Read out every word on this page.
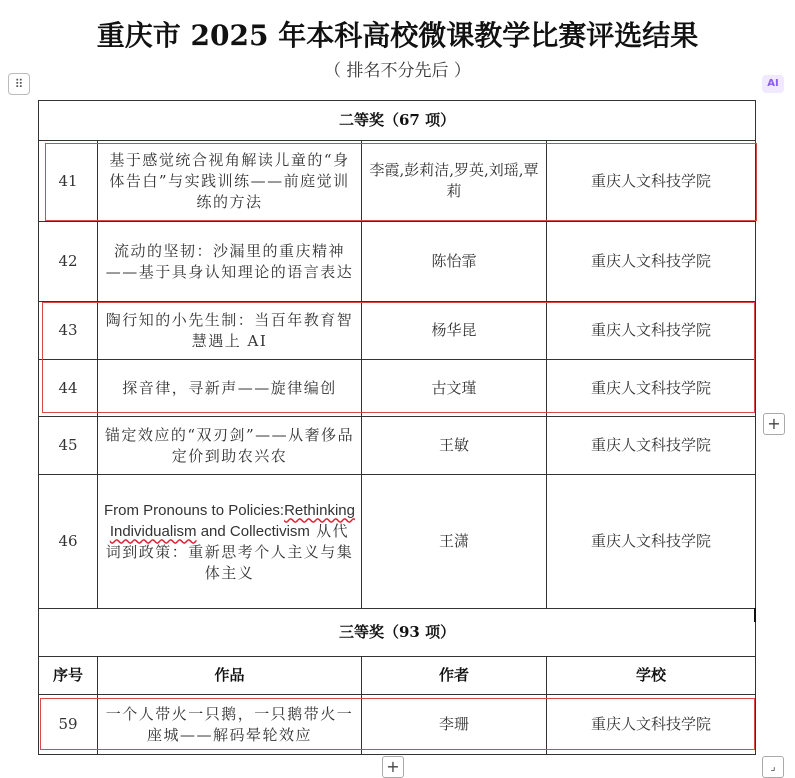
重庆市 2025 年本科高校微课教学比赛评选结果
（ 排名不分先后 ）
⠿	AI
二等奖（67 项）			
41	基于感觉统合视角解读儿童的“身体告白”与实践训练——前庭觉训练的方法	李霞,彭莉洁,罗英,刘瑶,覃莉	重庆人文科技学院
42	流动的坚韧：沙漏里的重庆精神——基于具身认知理论的语言表达	陈怡霏	重庆人文科技学院
43	陶行知的小先生制：当百年教育智慧遇上 AI	杨华昆	重庆人文科技学院
44	探音律，寻新声——旋律编创	古文瑾	重庆人文科技学院
45	锚定效应的“双刃剑”——从奢侈品定价到助农兴农	王敏	重庆人文科技学院
46	From Pronouns to Policies:RethinkingIndividualism and Collectivism 从代词到政策：重新思考个人主义与集体主义	王潇	重庆人文科技学院
三等奖（93 项）			
序号	作品	作者	学校
59	一个人带火一只鹅，一只鹅带火一座城——解码晕轮效应	李珊	重庆人文科技学院
+
+	⌟
